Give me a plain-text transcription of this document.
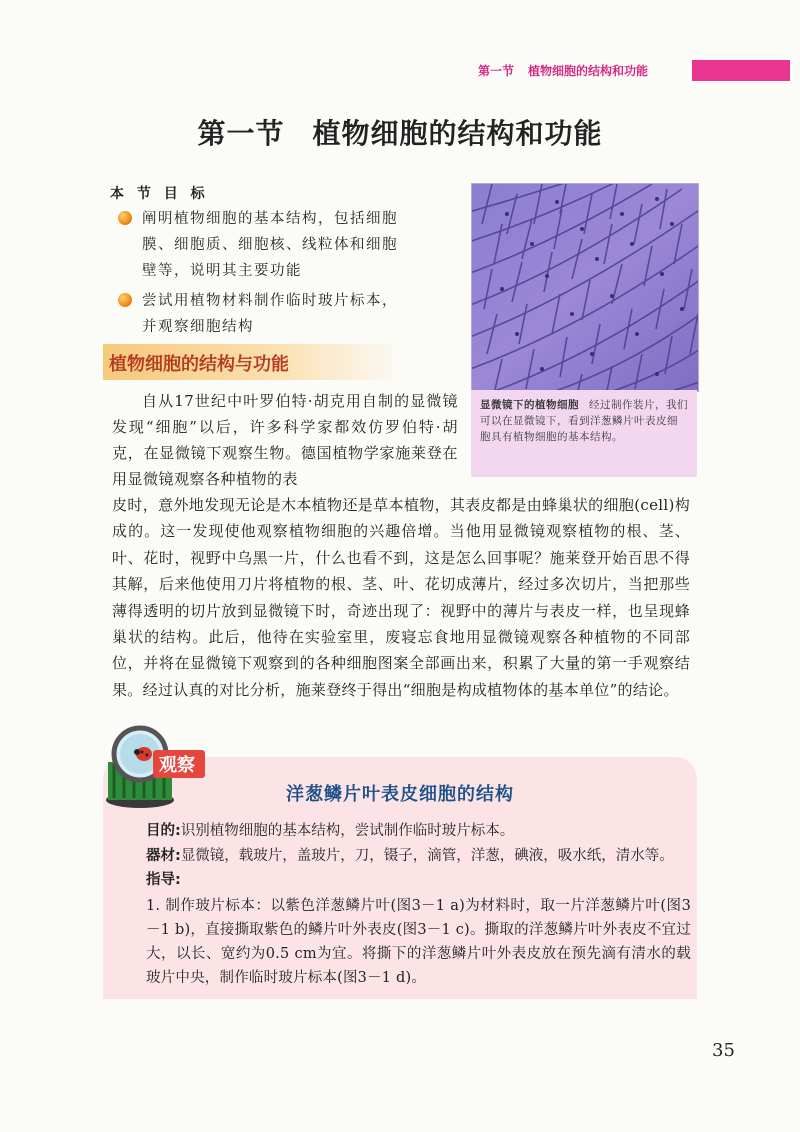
第一节 植物细胞的结构和功能
第一节 植物细胞的结构和功能
本 节 目 标
阐明植物细胞的基本结构，包括细胞膜、细胞质、细胞核、线粒体和细胞壁等，说明其主要功能
尝试用植物材料制作临时玻片标本，并观察细胞结构
显微镜下的植物细胞 经过制作装片，我们可以在显微镜下，看到洋葱鳞片叶表皮细胞具有植物细胞的基本结构。
植物细胞的结构与功能
自从17世纪中叶罗伯特·胡克用自制的显微镜发现“细胞”以后，许多科学家都效仿罗伯特·胡克，在显微镜下观察生物。德国植物学家施莱登在用显微镜观察各种植物的表
皮时，意外地发现无论是木本植物还是草本植物，其表皮都是由蜂巢状的细胞(cell)构成的。这一发现使他观察植物细胞的兴趣倍增。当他用显微镜观察植物的根、茎、叶、花时，视野中乌黑一片，什么也看不到，这是怎么回事呢？施莱登开始百思不得其解，后来他使用刀片将植物的根、茎、叶、花切成薄片，经过多次切片，当把那些薄得透明的切片放到显微镜下时，奇迹出现了：视野中的薄片与表皮一样，也呈现蜂巢状的结构。此后，他待在实验室里，废寝忘食地用显微镜观察各种植物的不同部位，并将在显微镜下观察到的各种细胞图案全部画出来，积累了大量的第一手观察结果。经过认真的对比分析，施莱登终于得出“细胞是构成植物体的基本单位”的结论。
观察
洋葱鳞片叶表皮细胞的结构
目的:识别植物细胞的基本结构，尝试制作临时玻片标本。
器材:显微镜，载玻片，盖玻片，刀，镊子，滴管，洋葱，碘液，吸水纸，清水等。
指导:
1. 制作玻片标本：以紫色洋葱鳞片叶(图3－1 a)为材料时，取一片洋葱鳞片叶(图3－1 b)，直接撕取紫色的鳞片叶外表皮(图3－1 c)。撕取的洋葱鳞片叶外表皮不宜过大，以长、宽约为0.5 cm为宜。将撕下的洋葱鳞片叶外表皮放在预先滴有清水的载玻片中央，制作临时玻片标本(图3－1 d)。
35
